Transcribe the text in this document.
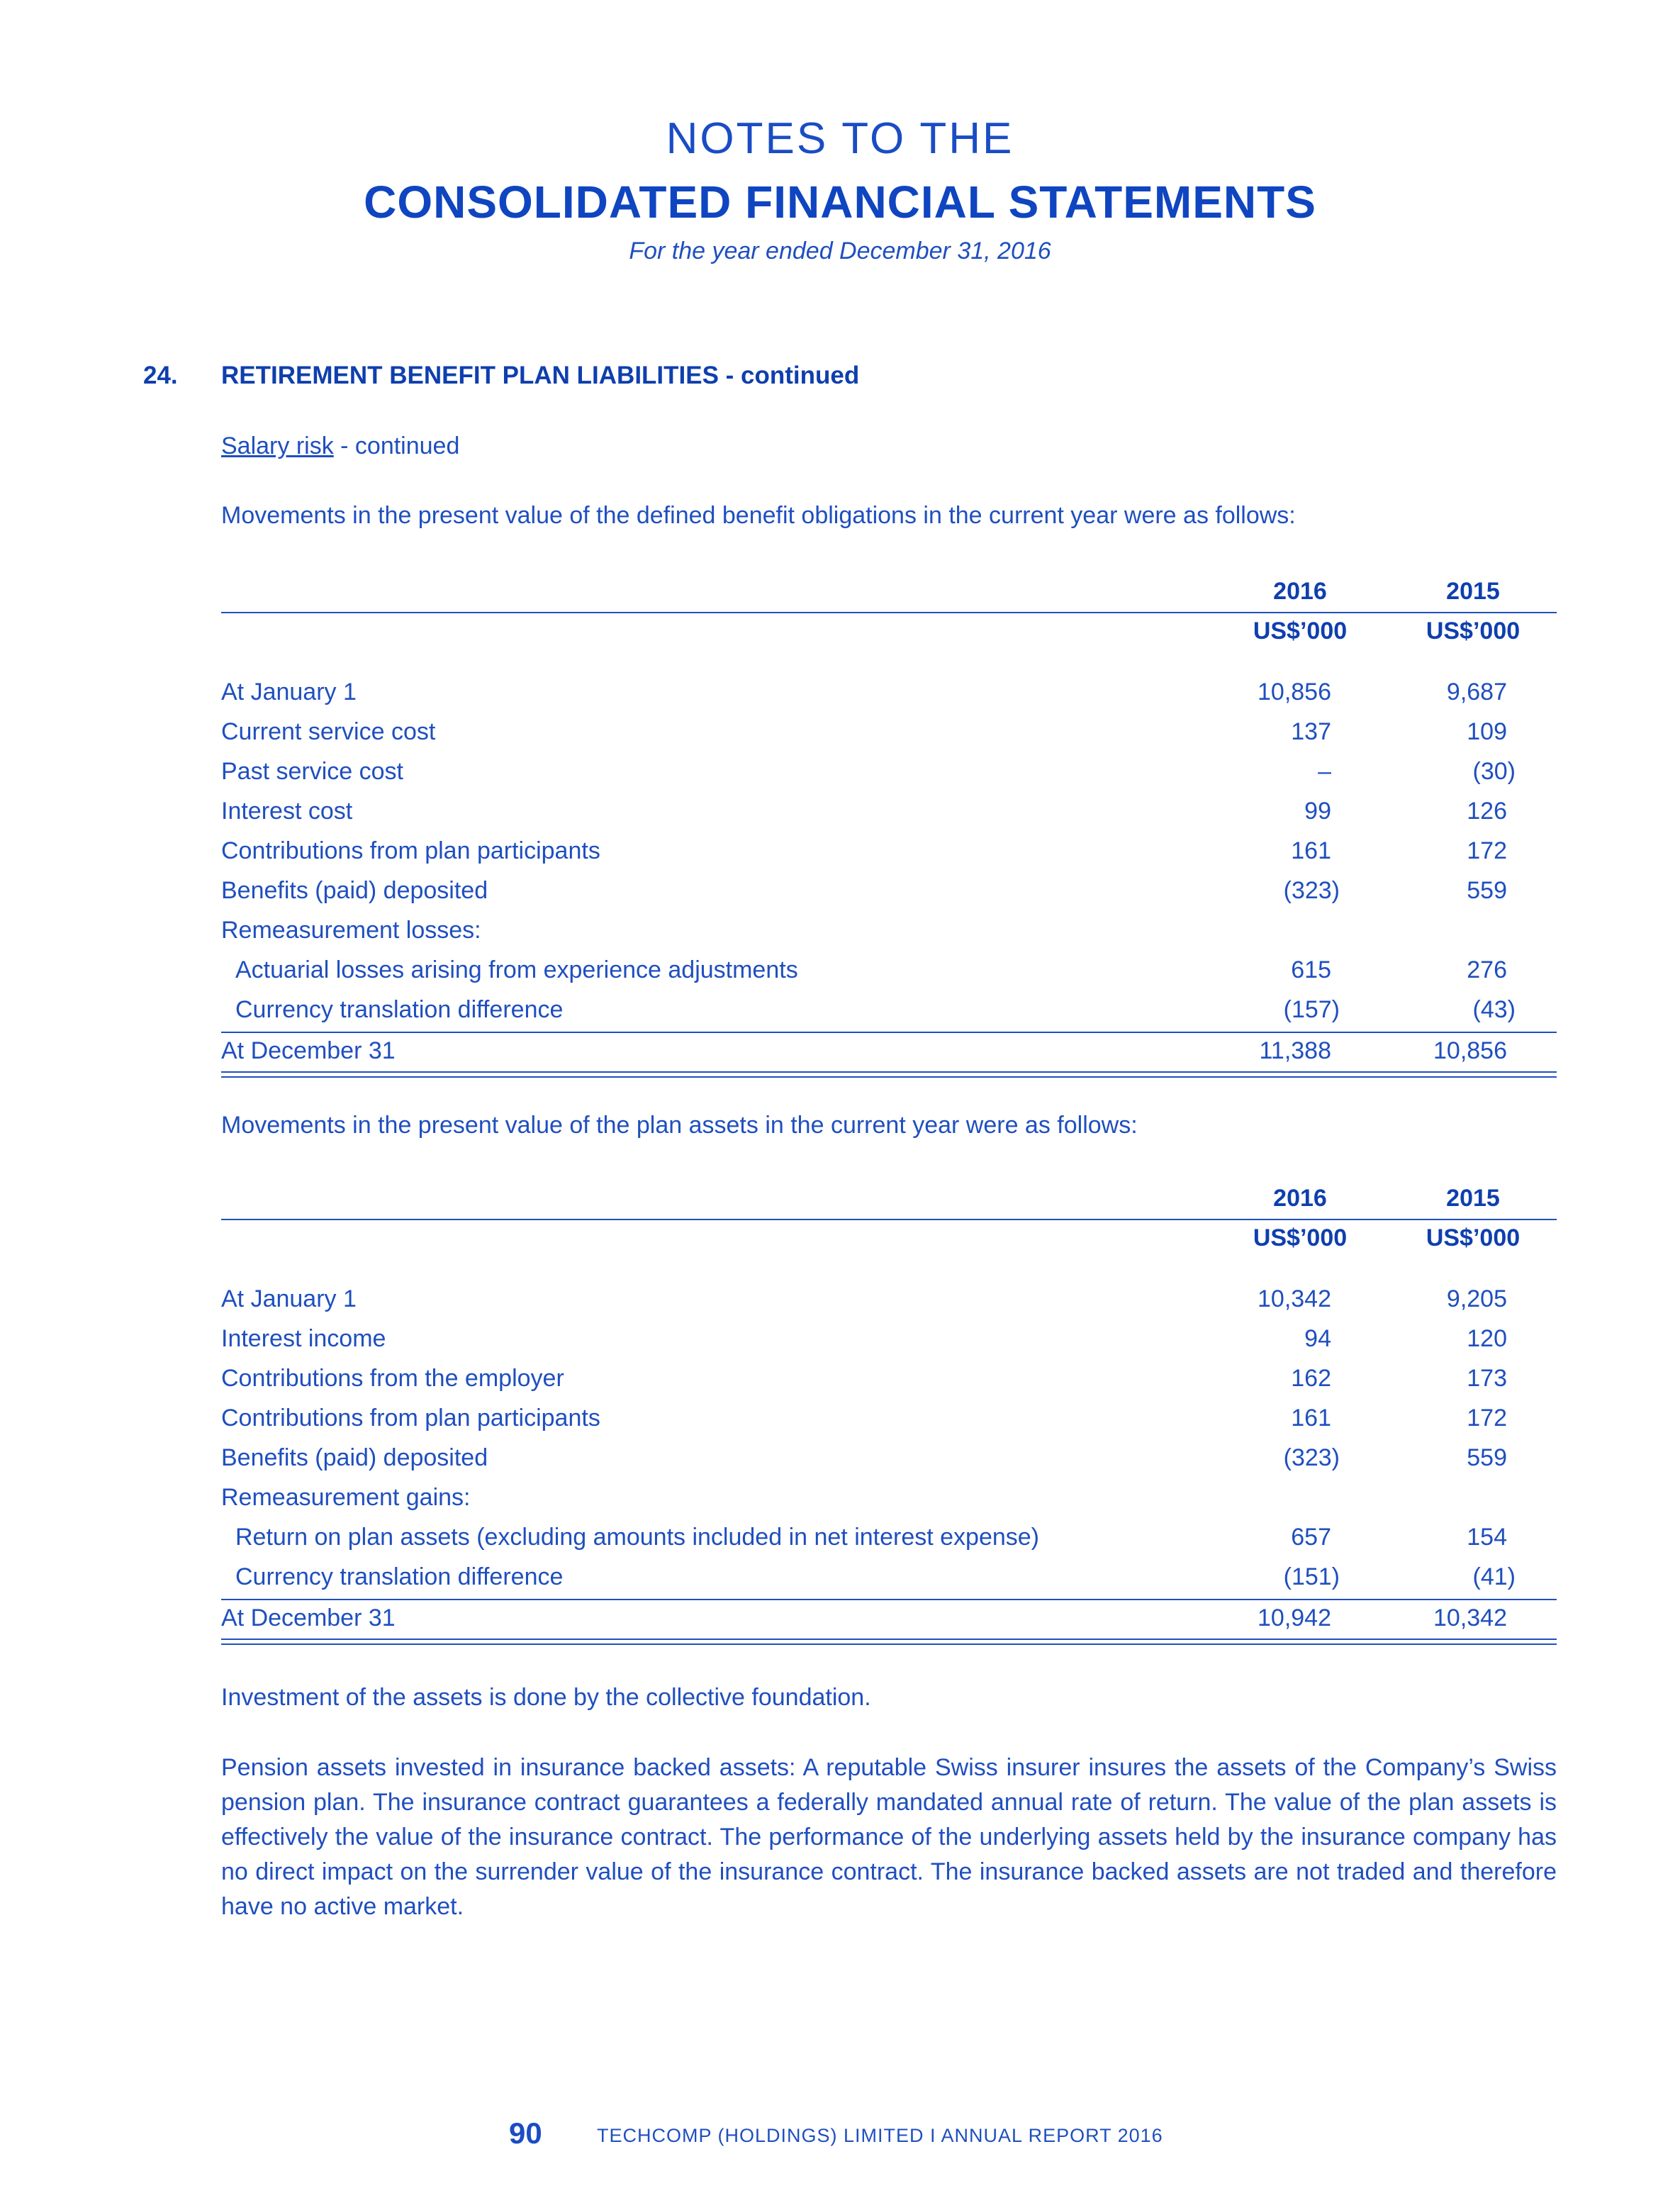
NOTES TO THE
CONSOLIDATED FINANCIAL STATEMENTS
For the year ended December 31, 2016
24. RETIREMENT BENEFIT PLAN LIABILITIES - continued
Salary risk - continued
Movements in the present value of the defined benefit obligations in the current year were as follows:
2016	2015
US$’000	US$’000
At January 1	10,856	9,687
Current service cost	137	109
Past service cost	–	(30)
Interest cost	99	126
Contributions from plan participants	161	172
Benefits (paid) deposited	(323)	559
Remeasurement losses:
Actuarial losses arising from experience adjustments	615	276
Currency translation difference	(157)	(43)
At December 31	11,388	10,856
Movements in the present value of the plan assets in the current year were as follows:
2016	2015
US$’000	US$’000
At January 1	10,342	9,205
Interest income	94	120
Contributions from the employer	162	173
Contributions from plan participants	161	172
Benefits (paid) deposited	(323)	559
Remeasurement gains:
Return on plan assets (excluding amounts included in net interest expense)	657	154
Currency translation difference	(151)	(41)
At December 31	10,942	10,342
Investment of the assets is done by the collective foundation.
Pension assets invested in insurance backed assets: A reputable Swiss insurer insures the assets of the Company’s Swiss pension plan. The insurance contract guarantees a federally mandated annual rate of return. The value of the plan assets is effectively the value of the insurance contract. The performance of the underlying assets held by the insurance company has no direct impact on the surrender value of the insurance contract. The insurance backed assets are not traded and therefore have no active market.
90	TECHCOMP (HOLDINGS) LIMITED I ANNUAL REPORT 2016
